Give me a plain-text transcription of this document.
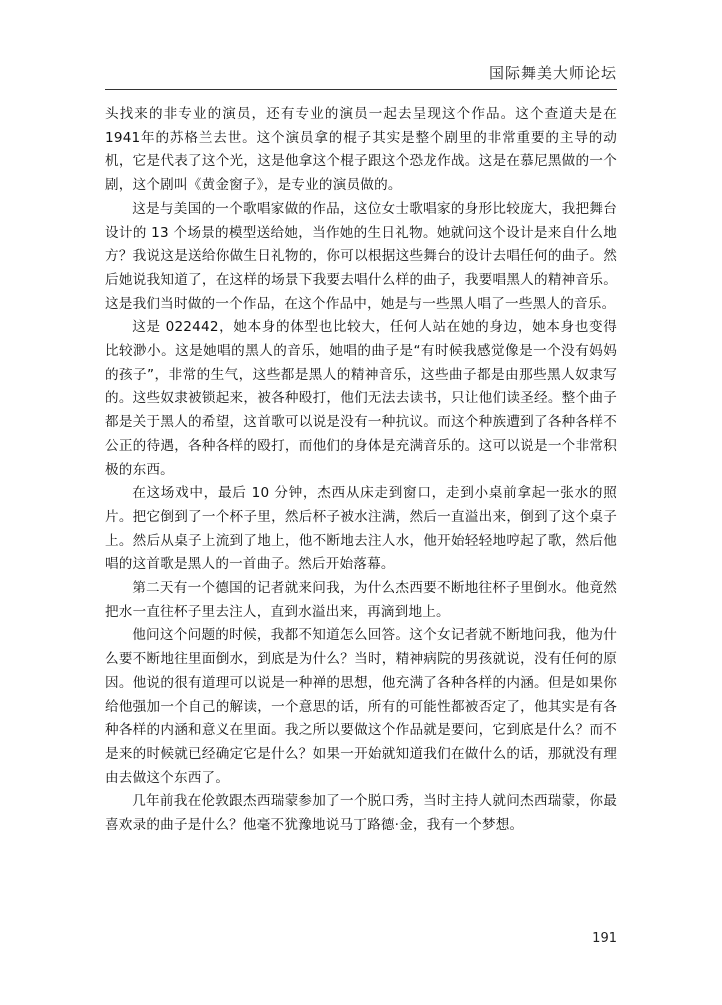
国际舞美大师论坛

头找来的非专业的演员，还有专业的演员一起去呈现这个作品。这个查道夫是在1941年的苏格兰去世。这个演员拿的棍子其实是整个剧里的非常重要的主导的动机，它是代表了这个光，这是他拿这个棍子跟这个恐龙作战。这是在慕尼黑做的一个剧，这个剧叫《黄金窗子》，是专业的演员做的。

这是与美国的一个歌唱家做的作品，这位女士歌唱家的身形比较庞大，我把舞台设计的 13 个场景的模型送给她，当作她的生日礼物。她就问这个设计是来自什么地方？我说这是送给你做生日礼物的，你可以根据这些舞台的设计去唱任何的曲子。然后她说我知道了，在这样的场景下我要去唱什么样的曲子，我要唱黑人的精神音乐。这是我们当时做的一个作品，在这个作品中，她是与一些黑人唱了一些黑人的音乐。

这是 022442，她本身的体型也比较大，任何人站在她的身边，她本身也变得比较渺小。这是她唱的黑人的音乐，她唱的曲子是“有时候我感觉像是一个没有妈妈的孩子”，非常的生气，这些都是黑人的精神音乐，这些曲子都是由那些黑人奴隶写的。这些奴隶被锁起来，被各种殴打，他们无法去读书，只让他们读圣经。整个曲子都是关于黑人的希望，这首歌可以说是没有一种抗议。而这个种族遭到了各种各样不公正的待遇，各种各样的殴打，而他们的身体是充满音乐的。这可以说是一个非常积极的东西。

在这场戏中，最后 10 分钟，杰西从床走到窗口，走到小桌前拿起一张水的照片。把它倒到了一个杯子里，然后杯子被水注满，然后一直溢出来，倒到了这个桌子上。然后从桌子上流到了地上，他不断地去注人水，他开始轻轻地哼起了歌，然后他唱的这首歌是黑人的一首曲子。然后开始落幕。

第二天有一个德国的记者就来问我，为什么杰西要不断地往杯子里倒水。他竟然把水一直往杯子里去注人，直到水溢出来，再滴到地上。

他问这个问题的时候，我都不知道怎么回答。这个女记者就不断地问我，他为什么要不断地往里面倒水，到底是为什么？当时，精神病院的男孩就说，没有任何的原因。他说的很有道理可以说是一种禅的思想，他充满了各种各样的内涵。但是如果你给他强加一个自己的解读，一个意思的话，所有的可能性都被否定了，他其实是有各种各样的内涵和意义在里面。我之所以要做这个作品就是要问，它到底是什么？而不是来的时候就已经确定它是什么？如果一开始就知道我们在做什么的话，那就没有理由去做这个东西了。

几年前我在伦敦跟杰西瑞蒙参加了一个脱口秀，当时主持人就问杰西瑞蒙，你最喜欢录的曲子是什么？他毫不犹豫地说马丁路德·金，我有一个梦想。

191
